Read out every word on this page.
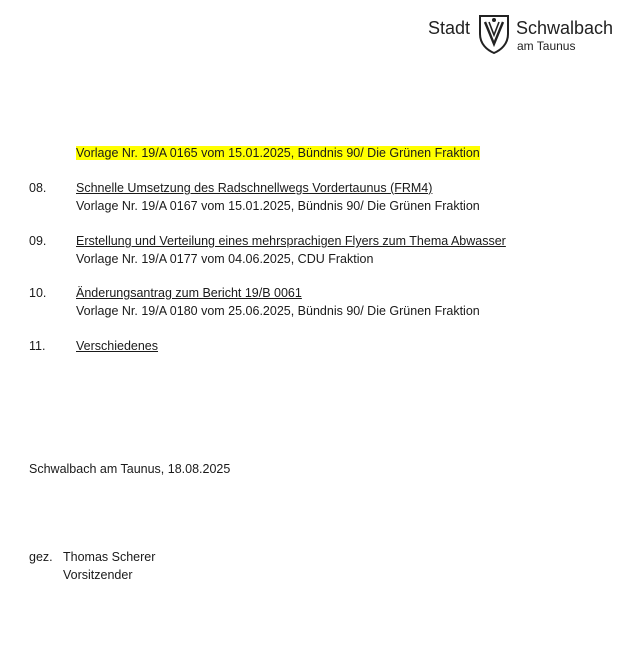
Stadt	Schwalbach
am Taunus
Vorlage Nr. 19/A 0165 vom 15.01.2025, Bündnis 90/ Die Grünen Fraktion
08. Schnelle Umsetzung des Radschnellwegs Vordertaunus (FRM4)
Vorlage Nr. 19/A 0167 vom 15.01.2025, Bündnis 90/ Die Grünen Fraktion
09. Erstellung und Verteilung eines mehrsprachigen Flyers zum Thema Abwasser
Vorlage Nr. 19/A 0177 vom 04.06.2025, CDU Fraktion
10. Änderungsantrag zum Bericht 19/B 0061
Vorlage Nr. 19/A 0180 vom 25.06.2025, Bündnis 90/ Die Grünen Fraktion
11. Verschiedenes
Schwalbach am Taunus, 18.08.2025
gez. Thomas Scherer
Vorsitzender
